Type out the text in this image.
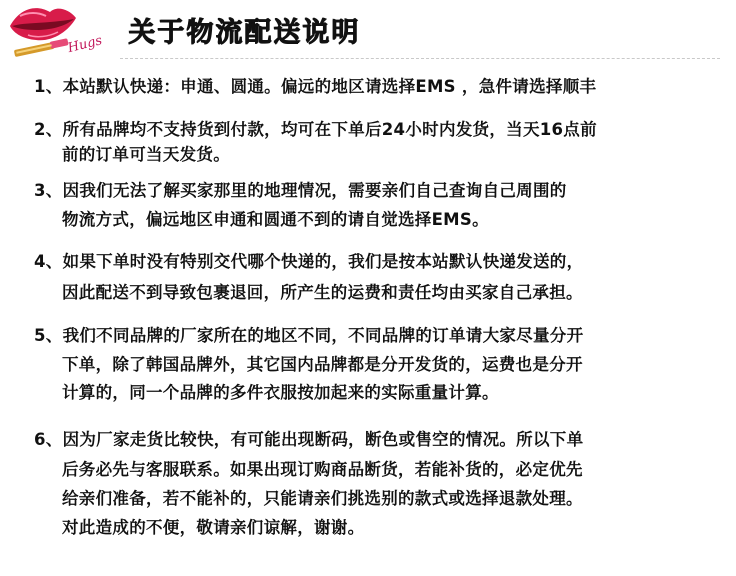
Hugs 关于物流配送说明
1、本站默认快递：申通、圆通。偏远的地区请选择EMS ，急件请选择顺丰
2、所有品牌均不支持货到付款，均可在下单后24小时内发货，当天16点前
前的订单可当天发货。
3、因我们无法了解买家那里的地理情况，需要亲们自己查询自己周围的
物流方式，偏远地区申通和圆通不到的请自觉选择EMS。
4、如果下单时没有特别交代哪个快递的，我们是按本站默认快递发送的，
因此配送不到导致包裹退回，所产生的运费和责任均由买家自己承担。
5、我们不同品牌的厂家所在的地区不同，不同品牌的订单请大家尽量分开
下单，除了韩国品牌外，其它国内品牌都是分开发货的，运费也是分开
计算的，同一个品牌的多件衣服按加起来的实际重量计算。
6、因为厂家走货比较快，有可能出现断码，断色或售空的情况。所以下单
后务必先与客服联系。如果出现订购商品断货，若能补货的，必定优先
给亲们准备，若不能补的，只能请亲们挑选别的款式或选择退款处理。
对此造成的不便，敬请亲们谅解，谢谢。
